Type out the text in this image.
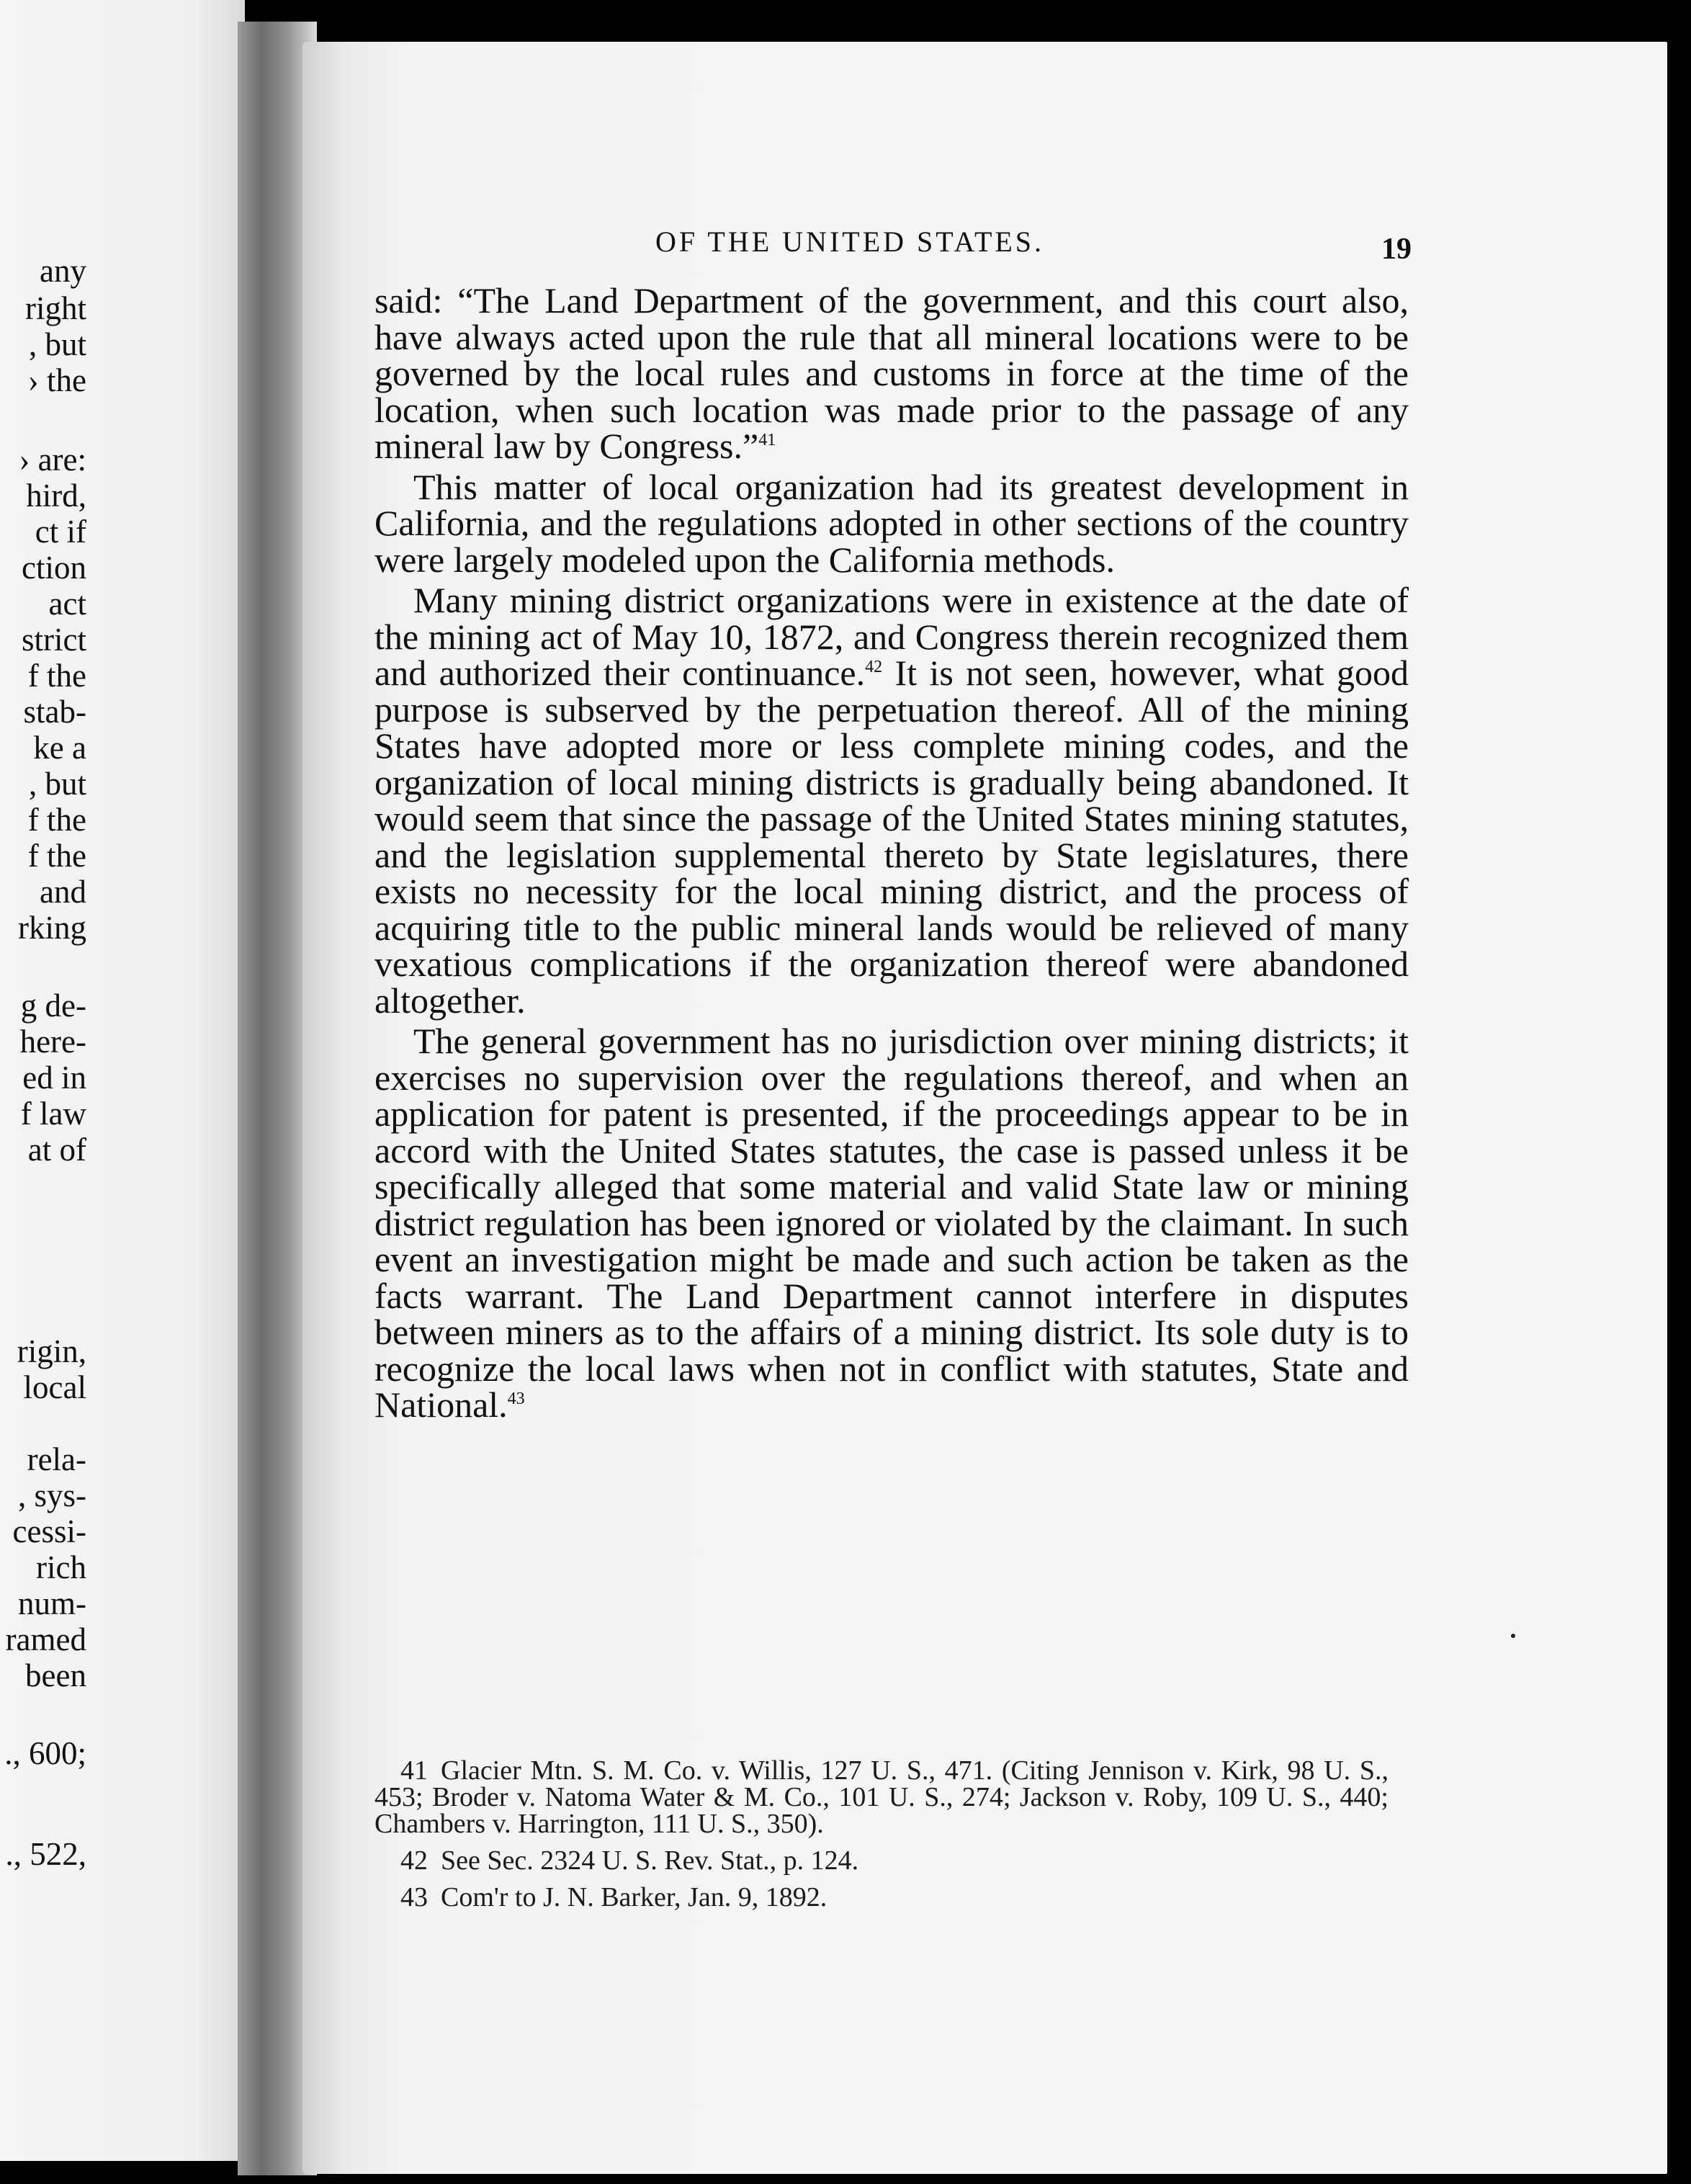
any
right
, but
› the
› are:
hird,
ct if
ction
act
strict
f the
stab-
ke a
, but
f the
f the
and
rking
g de-
here-
ed in
f law
at of
rigin,
local
rela-
, sys-
cessi-
rich
num-
ramed
been
., 600;
., 522,
OF THE UNITED STATES.	19

said: “The Land Department of the government, and this court also, have always acted upon the rule that all mineral locations were to be governed by the local rules and customs in force at the time of the location, when such location was made prior to the passage of any mineral law by Congress.”$^{41}$

This matter of local organization had its greatest development in California, and the regulations adopted in other sections of the country were largely modeled upon the California methods.

Many mining district organizations were in existence at the date of the mining act of May 10, 1872, and Congress therein recognized them and authorized their continuance.$^{42}$ It is not seen, however, what good purpose is subserved by the perpetuation thereof. All of the mining States have adopted more or less complete mining codes, and the organization of local mining districts is gradually being abandoned. It would seem that since the passage of the United States mining statutes, and the legislation supplemental thereto by State legislatures, there exists no necessity for the local mining district, and the process of acquiring title to the public mineral lands would be relieved of many vexatious complications if the organization thereof were abandoned altogether.

The general government has no jurisdiction over mining districts; it exercises no supervision over the regulations thereof, and when an application for patent is presented, if the proceedings appear to be in accord with the United States statutes, the case is passed unless it be specifically alleged that some material and valid State law or mining district regulation has been ignored or violated by the claimant. In such event an investigation might be made and such action be taken as the facts warrant. The Land Department cannot interfere in disputes between miners as to the affairs of a mining district. Its sole duty is to recognize the local laws when not in conflict with statutes, State and National.$^{43}$

41 Glacier Mtn. S. M. Co. v. Willis, 127 U. S., 471. (Citing Jennison v. Kirk, 98 U. S., 453; Broder v. Natoma Water & M. Co., 101 U. S., 274; Jackson v. Roby, 109 U. S., 440; Chambers v. Harrington, 111 U. S., 350).

42 See Sec. 2324 U. S. Rev. Stat., p. 124.

43 Com'r to J. N. Barker, Jan. 9, 1892.
